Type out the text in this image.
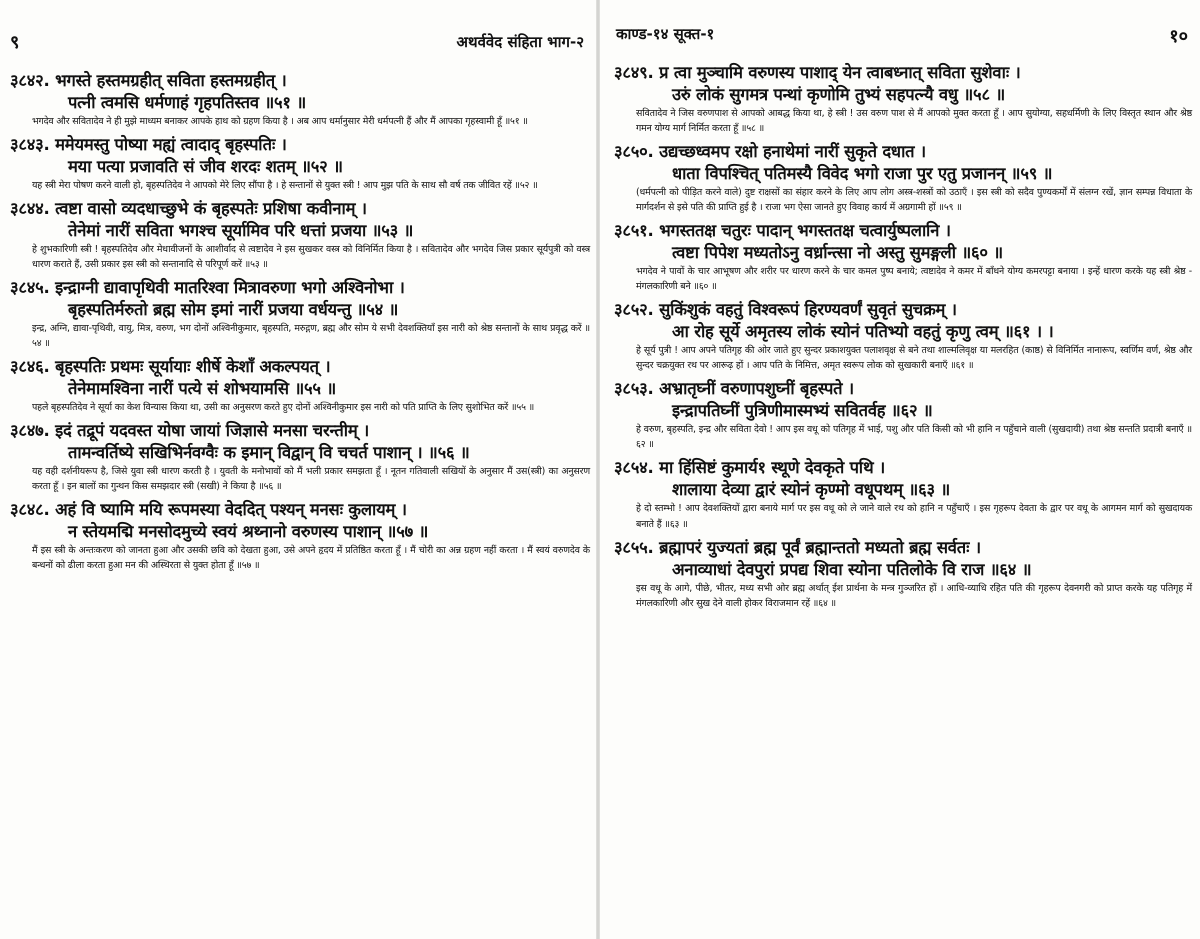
९	अथर्ववेद संहिता भाग-२
३८४२. भगस्ते हस्तमग्रहीत् सविता हस्तमग्रहीत् ।
पत्नी त्वमसि धर्मणाहं गृहपतिस्तव ॥५१ ॥

भगदेव और सवितादेव ने ही मुझे माध्यम बनाकर आपके हाथ को ग्रहण किया है । अब आप धर्मानुसार मेरी धर्मपत्नी हैं और मैं आपका गृहस्वामी हूँ ॥५१ ॥

३८४३. ममेयमस्तु पोष्या मह्यं त्वादाद् बृहस्पतिः ।
मया पत्या प्रजावति सं जीव शरदः शतम् ॥५२ ॥

यह स्त्री मेरा पोषण करने वाली हो, बृहस्पतिदेव ने आपको मेरे लिए सौंपा है । हे सन्तानों से युक्त स्त्री ! आप मुझ पति के साथ सौ वर्ष तक जीवित रहें ॥५२ ॥

३८४४. त्वष्टा वासो व्यदधाच्छुभे कं बृहस्पतेः प्रशिषा कवीनाम् ।
तेनेमां नारीं सविता भगश्च सूर्यामिव परि धत्तां प्रजया ॥५३ ॥

हे शुभकारिणी स्त्री ! बृहस्पतिदेव और मेधावीजनों के आशीर्वाद से त्वष्टादेव ने इस सुखकर वस्त्र को विनिर्मित किया है । सवितादेव और भगदेव जिस प्रकार सूर्यपुत्री को वस्त्र धारण कराते हैं, उसी प्रकार इस स्त्री को सन्तानादि से परिपूर्ण करें ॥५३ ॥

३८४५. इन्द्राग्नी द्यावापृथिवी मातरिश्वा मित्रावरुणा भगो अश्विनोभा ।
बृहस्पतिर्मरुतो ब्रह्म सोम इमां नारीं प्रजया वर्धयन्तु ॥५४ ॥

इन्द्र, अग्नि, द्यावा-पृथिवी, वायु, मित्र, वरुण, भग दोनों अश्विनीकुमार, बृहस्पति, मरुद्गण, ब्रह्म और सोम ये सभी देवशक्तियाँ इस नारी को श्रेष्ठ सन्तानों के साथ प्रवृद्ध करें ॥५४ ॥

३८४६. बृहस्पतिः प्रथमः सूर्यायाः शीर्षे केशाँ अकल्पयत् ।
तेनेमामश्विना नारीं पत्ये सं शोभयामसि ॥५५ ॥

पहले बृहस्पतिदेव ने सूर्या का केश विन्यास किया था, उसी का अनुसरण करते हुए दोनों अश्विनीकुमार इस नारी को पति प्राप्ति के लिए सुशोभित करें ॥५५ ॥

३८४७. इदं तद्रूपं यदवस्त योषा जायां जिज्ञासे मनसा चरन्तीम् ।
तामन्वर्तिष्ये सखिभिर्नवग्वैः क इमान् विद्वान् वि चचर्त पाशान् । ॥५६ ॥

यह वही दर्शनीयरूप है, जिसे युवा स्त्री धारण करती है । युवती के मनोभावों को मैं भली प्रकार समझता हूँ । नूतन गतिवाली सखियों के अनुसार मैं उस(स्त्री) का अनुसरण करता हूँ । इन बालों का गुन्थन किस समझदार स्त्री (सखी) ने किया है ॥५६ ॥

३८४८. अहं वि ष्यामि मयि रूपमस्या वेददित् पश्यन् मनसः कुलायम् ।
न स्तेयमद्मि मनसोदमुच्ये स्वयं श्रथ्नानो वरुणस्य पाशान् ॥५७ ॥

मैं इस स्त्री के अन्तःकरण को जानता हुआ और उसकी छवि को देखता हुआ, उसे अपने हृदय में प्रतिष्ठित करता हूँ । मैं चोरी का अन्न ग्रहण नहीं करता । मैं स्वयं वरुणदेव के बन्धनों को ढीला करता हुआ मन की अस्थिरता से युक्त होता हूँ ॥५७ ॥

काण्ड-१४ सूक्त-१	१०
३८४९. प्र त्वा मुञ्चामि वरुणस्य पाशाद् येन त्वाबध्नात् सविता सुशेवाः ।
उरुं लोकं सुगमत्र पन्थां कृणोमि तुभ्यं सहपत्न्यै वधु ॥५८ ॥

सवितादेव ने जिस वरुणपाश से आपको आबद्ध किया था, हे स्त्री ! उस वरुण पाश से मैं आपको मुक्त करता हूँ । आप सुयोग्या, सहधर्मिणी के लिए विस्तृत स्थान और श्रेष्ठ गमन योग्य मार्ग निर्मित करता हूँ ॥५८ ॥

३८५०. उद्यच्छध्वमप रक्षो हनाथेमां नारीं सुकृते दधात ।
धाता विपश्चित् पतिमस्यै विवेद भगो राजा पुर एतु प्रजानन् ॥५९ ॥

(धर्मपत्नी को पीड़ित करने वाले) दुष्ट राक्षसों का संहार करने के लिए आप लोग अस्त्र-शस्त्रों को उठाएँ । इस स्त्री को सदैव पुण्यकर्मों में संलग्न रखें, ज्ञान सम्पन्न विधाता के मार्गदर्शन से इसे पति की प्राप्ति हुई है । राजा भग ऐसा जानते हुए विवाह कार्य में अग्रगामी हों ॥५९ ॥

३८५१. भगस्ततक्ष चतुरः पादान् भगस्ततक्ष चत्वार्युष्पलानि ।
त्वष्टा पिपेश मध्यतोऽनु वर्ध्रान्त्सा नो अस्तु सुमङ्गली ॥६० ॥

भगदेव ने पावों के चार आभूषण और शरीर पर धारण करने के चार कमल पुष्प बनाये; त्वष्टादेव ने कमर में बाँधने योग्य कमरपट्टा बनाया । इन्हें धारण करके यह स्त्री श्रेष्ठ - मंगलकारिणी बने ॥६० ॥

३८५२. सुकिंशुकं वहतुं विश्वरूपं हिरण्यवर्णं सुवृतं सुचक्रम् ।
आ रोह सूर्ये अमृतस्य लोकं स्योनं पतिभ्यो वहतुं कृणु त्वम् ॥६१ । ।

हे सूर्य पुत्री ! आप अपने पतिगृह की ओर जाते हुए सुन्दर प्रकाशयुक्त पलाशवृक्ष से बने तथा शाल्मलिवृक्ष या मलरहित (काष्ठ) से विनिर्मित नानारूप, स्वर्णिम वर्ण, श्रेष्ठ और सुन्दर चक्रयुक्त रथ पर आरूढ़ हों । आप पति के निमित्त, अमृत स्वरूप लोक को सुखकारी बनाएँ ॥६१ ॥

३८५३. अभ्रातृघ्नीं वरुणापशुघ्नीं बृहस्पते ।
इन्द्रापतिघ्नीं पुत्रिणीमास्मभ्यं सवितर्वह ॥६२ ॥

हे वरुण, बृहस्पति, इन्द्र और सविता देवो ! आप इस वधू को पतिगृह में भाई, पशु और पति किसी को भी हानि न पहुँचाने वाली (सुखदायी) तथा श्रेष्ठ सन्तति प्रदात्री बनाएँ ॥६२ ॥

३८५४. मा हिंसिष्टं कुमार्य१ स्थूणे देवकृते पथि ।
शालाया देव्या द्वारं स्योनं कृण्मो वधूपथम् ॥६३ ॥

हे दो स्तम्भो ! आप देवशक्तियों द्वारा बनाये मार्ग पर इस वधू को ले जाने वाले रथ को हानि न पहुँचाएँ । इस गृहरूप देवता के द्वार पर वधू के आगमन मार्ग को सुखदायक बनाते हैं ॥६३ ॥

३८५५. ब्रह्मापरं युज्यतां ब्रह्म पूर्वं ब्रह्मान्ततो मध्यतो ब्रह्म सर्वतः ।
अनाव्याधां देवपुरां प्रपद्य शिवा स्योना पतिलोके वि राज ॥६४ ॥

इस वधू के आगे, पीछे, भीतर, मध्य सभी ओर ब्रह्म अर्थात् ईश प्रार्थना के मन्त्र गुञ्जरित हों । आधि-व्याधि रहित पति की गृहरूप देवनगरी को प्राप्त करके यह पतिगृह में मंगलकारिणी और सुख देने वाली होकर विराजमान रहें ॥६४ ॥
